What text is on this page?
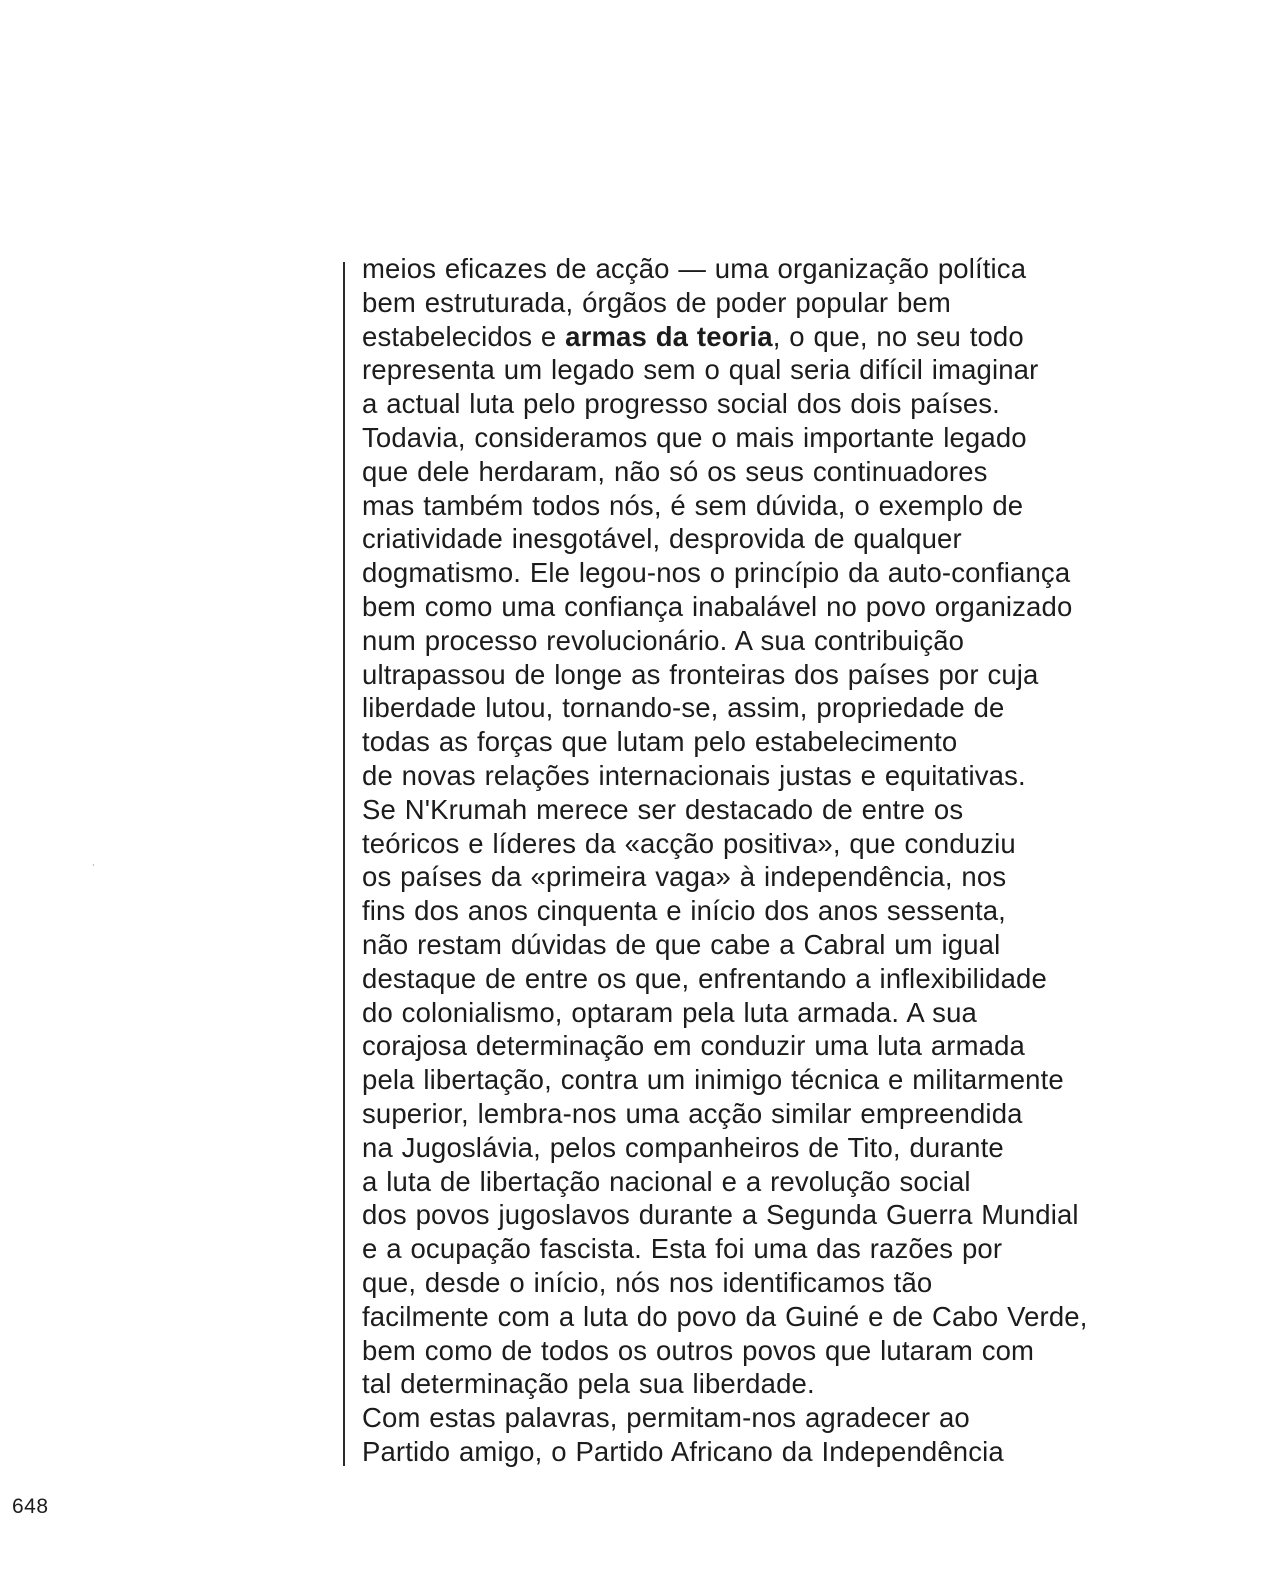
meios eficazes de acção — uma organização política
bem estruturada, órgãos de poder popular bem
estabelecidos e armas da teoria, o que, no seu todo
representa um legado sem o qual seria difícil imaginar
a actual luta pelo progresso social dos dois países.
Todavia, consideramos que o mais importante legado
que dele herdaram, não só os seus continuadores
mas também todos nós, é sem dúvida, o exemplo de
criatividade inesgotável, desprovida de qualquer
dogmatismo. Ele legou-nos o princípio da auto-confiança
bem como uma confiança inabalável no povo organizado
num processo revolucionário. A sua contribuição
ultrapassou de longe as fronteiras dos países por cuja
liberdade lutou, tornando-se, assim, propriedade de
todas as forças que lutam pelo estabelecimento
de novas relações internacionais justas e equitativas.
Se N'Krumah merece ser destacado de entre os
teóricos e líderes da «acção positiva», que conduziu
os países da «primeira vaga» à independência, nos
fins dos anos cinquenta e início dos anos sessenta,
não restam dúvidas de que cabe a Cabral um igual
destaque de entre os que, enfrentando a inflexibilidade
do colonialismo, optaram pela luta armada. A sua
corajosa determinação em conduzir uma luta armada
pela libertação, contra um inimigo técnica e militarmente
superior, lembra-nos uma acção similar empreendida
na Jugoslávia, pelos companheiros de Tito, durante
a luta de libertação nacional e a revolução social
dos povos jugoslavos durante a Segunda Guerra Mundial
e a ocupação fascista. Esta foi uma das razões por
que, desde o início, nós nos identificamos tão
facilmente com a luta do povo da Guiné e de Cabo Verde,
bem como de todos os outros povos que lutaram com
tal determinação pela sua liberdade.
Com estas palavras, permitam-nos agradecer ao
Partido amigo, o Partido Africano da Independência
˙
648
